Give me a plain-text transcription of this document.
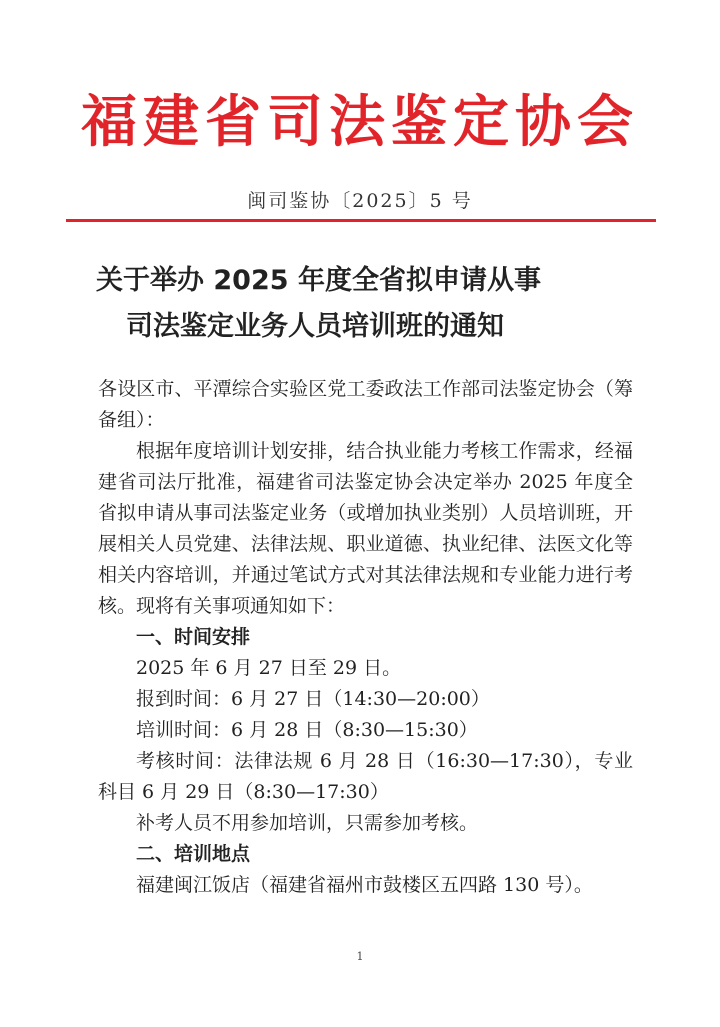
福建省司法鉴定协会
闽司鉴协〔2025〕5 号
关于举办 2025 年度全省拟申请从事
司法鉴定业务人员培训班的通知

各设区市、平潭综合实验区党工委政法工作部司法鉴定协会（筹备组）：

根据年度培训计划安排，结合执业能力考核工作需求，经福建省司法厅批准，福建省司法鉴定协会决定举办 2025 年度全省拟申请从事司法鉴定业务（或增加执业类别）人员培训班，开展相关人员党建、法律法规、职业道德、执业纪律、法医文化等相关内容培训，并通过笔试方式对其法律法规和专业能力进行考核。现将有关事项通知如下：

一、时间安排

2025 年 6 月 27 日至 29 日。

报到时间：6 月 27 日（14:30—20:00）

培训时间：6 月 28 日（8:30—15:30）

考核时间：法律法规 6 月 28 日（16:30—17:30），专业科目 6 月 29 日（8:30—17:30）

补考人员不用参加培训，只需参加考核。

二、培训地点

福建闽江饭店（福建省福州市鼓楼区五四路 130 号）。

1
